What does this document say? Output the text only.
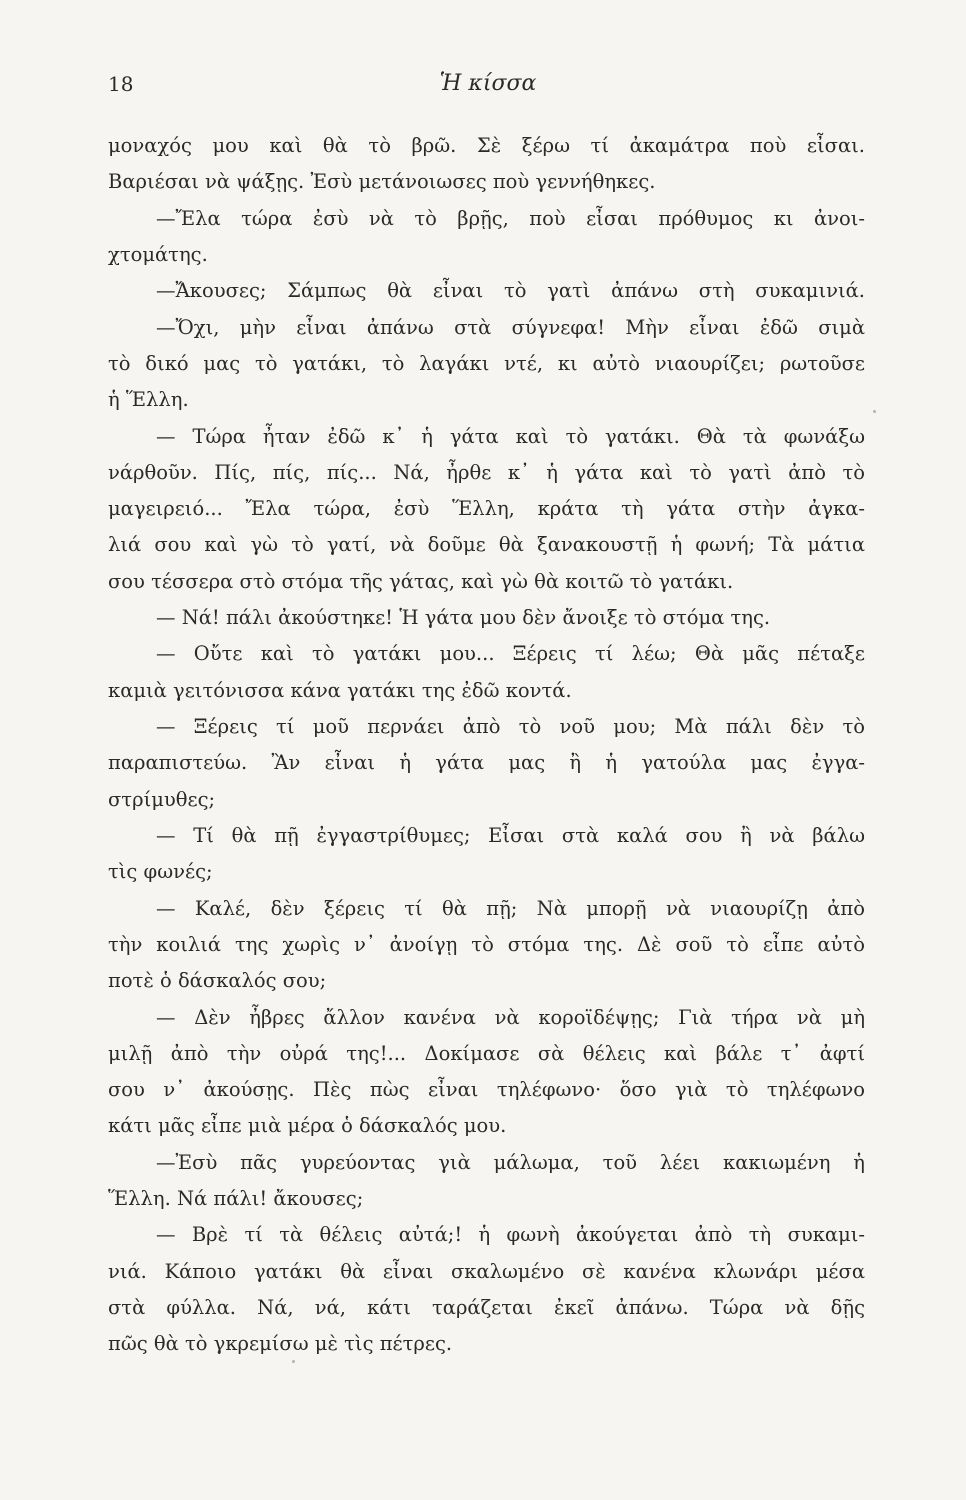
18	Ἡ κίσσα
μοναχός μου καὶ θὰ τὸ βρῶ. Σὲ ξέρω τί ἀκαμάτρα ποὺ εἶσαι.
Βαριέσαι νὰ ψάξῃς. Ἐσὺ μετάνοιωσες ποὺ γεννήθηκες.
—Ἔλα τώρα ἐσὺ νὰ τὸ βρῇς, ποὺ εἶσαι πρόθυμος κι ἀνοι-
χτομάτης.
—Ἄκουσες; Σάμπως θὰ εἶναι τὸ γατὶ ἀπάνω στὴ συκαμινιά.
—Ὄχι, μὴν εἶναι ἀπάνω στὰ σύγνεφα! Μὴν εἶναι ἐδῶ σιμὰ
τὸ δικό μας τὸ γατάκι, τὸ λαγάκι ντέ, κι αὐτὸ νιαουρίζει; ρωτοῦσε
ἡ Ἕλλη.
— Τώρα ἦταν ἐδῶ κ᾽ ἡ γάτα καὶ τὸ γατάκι. Θὰ τὰ φωνάξω
νάρθοῦν. Πίς, πίς, πίς... Νά, ἦρθε κ᾽ ἡ γάτα καὶ τὸ γατὶ ἀπὸ τὸ
μαγειρειό... Ἔλα τώρα, ἐσὺ Ἕλλη, κράτα τὴ γάτα στὴν ἀγκα-
λιά σου καὶ γὼ τὸ γατί, νὰ δοῦμε θὰ ξανακουστῇ ἡ φωνή; Τὰ μάτια
σου τέσσερα στὸ στόμα τῆς γάτας, καὶ γὼ θὰ κοιτῶ τὸ γατάκι.
— Νά! πάλι ἀκούστηκε! Ἡ γάτα μου δὲν ἄνοιξε τὸ στόμα της.
— Οὔτε καὶ τὸ γατάκι μου... Ξέρεις τί λέω; Θὰ μᾶς πέταξε
καμιὰ γειτόνισσα κάνα γατάκι της ἐδῶ κοντά.
— Ξέρεις τί μοῦ περνάει ἀπὸ τὸ νοῦ μου; Μὰ πάλι δὲν τὸ
παραπιστεύω. Ἂν εἶναι ἡ γάτα μας ἢ ἡ γατούλα μας ἐγγα-
στρίμυθες;
— Τί θὰ πῇ ἐγγαστρίθυμες; Εἶσαι στὰ καλά σου ἢ νὰ βάλω
τὶς φωνές;
— Καλέ, δὲν ξέρεις τί θὰ πῇ; Νὰ μπορῇ νὰ νιαουρίζῃ ἀπὸ
τὴν κοιλιά της χωρὶς ν᾽ ἀνοίγῃ τὸ στόμα της. Δὲ σοῦ τὸ εἶπε αὐτὸ
ποτὲ ὁ δάσκαλός σου;
— Δὲν ἦβρες ἄλλον κανένα νὰ κοροϊδέψῃς; Γιὰ τήρα νὰ μὴ
μιλῇ ἀπὸ τὴν οὐρά της!... Δοκίμασε σὰ θέλεις καὶ βάλε τ᾽ ἀφτί
σου ν᾽ ἀκούσῃς. Πὲς πὼς εἶναι τηλέφωνο· ὅσο γιὰ τὸ τηλέφωνο
κάτι μᾶς εἶπε μιὰ μέρα ὁ δάσκαλός μου.
—Ἐσὺ πᾶς γυρεύοντας γιὰ μάλωμα, τοῦ λέει κακιωμένη ἡ
Ἕλλη. Νά πάλι! ἄκουσες;
— Βρὲ τί τὰ θέλεις αὐτά;! ἡ φωνὴ ἀκούγεται ἀπὸ τὴ συκαμι-
νιά. Κάποιο γατάκι θὰ εἶναι σκαλωμένο σὲ κανένα κλωνάρι μέσα
στὰ φύλλα. Νά, νά, κάτι ταράζεται ἐκεῖ ἀπάνω. Τώρα νὰ δῇς
πῶς θὰ τὸ γκρεμίσω μὲ τὶς πέτρες.
